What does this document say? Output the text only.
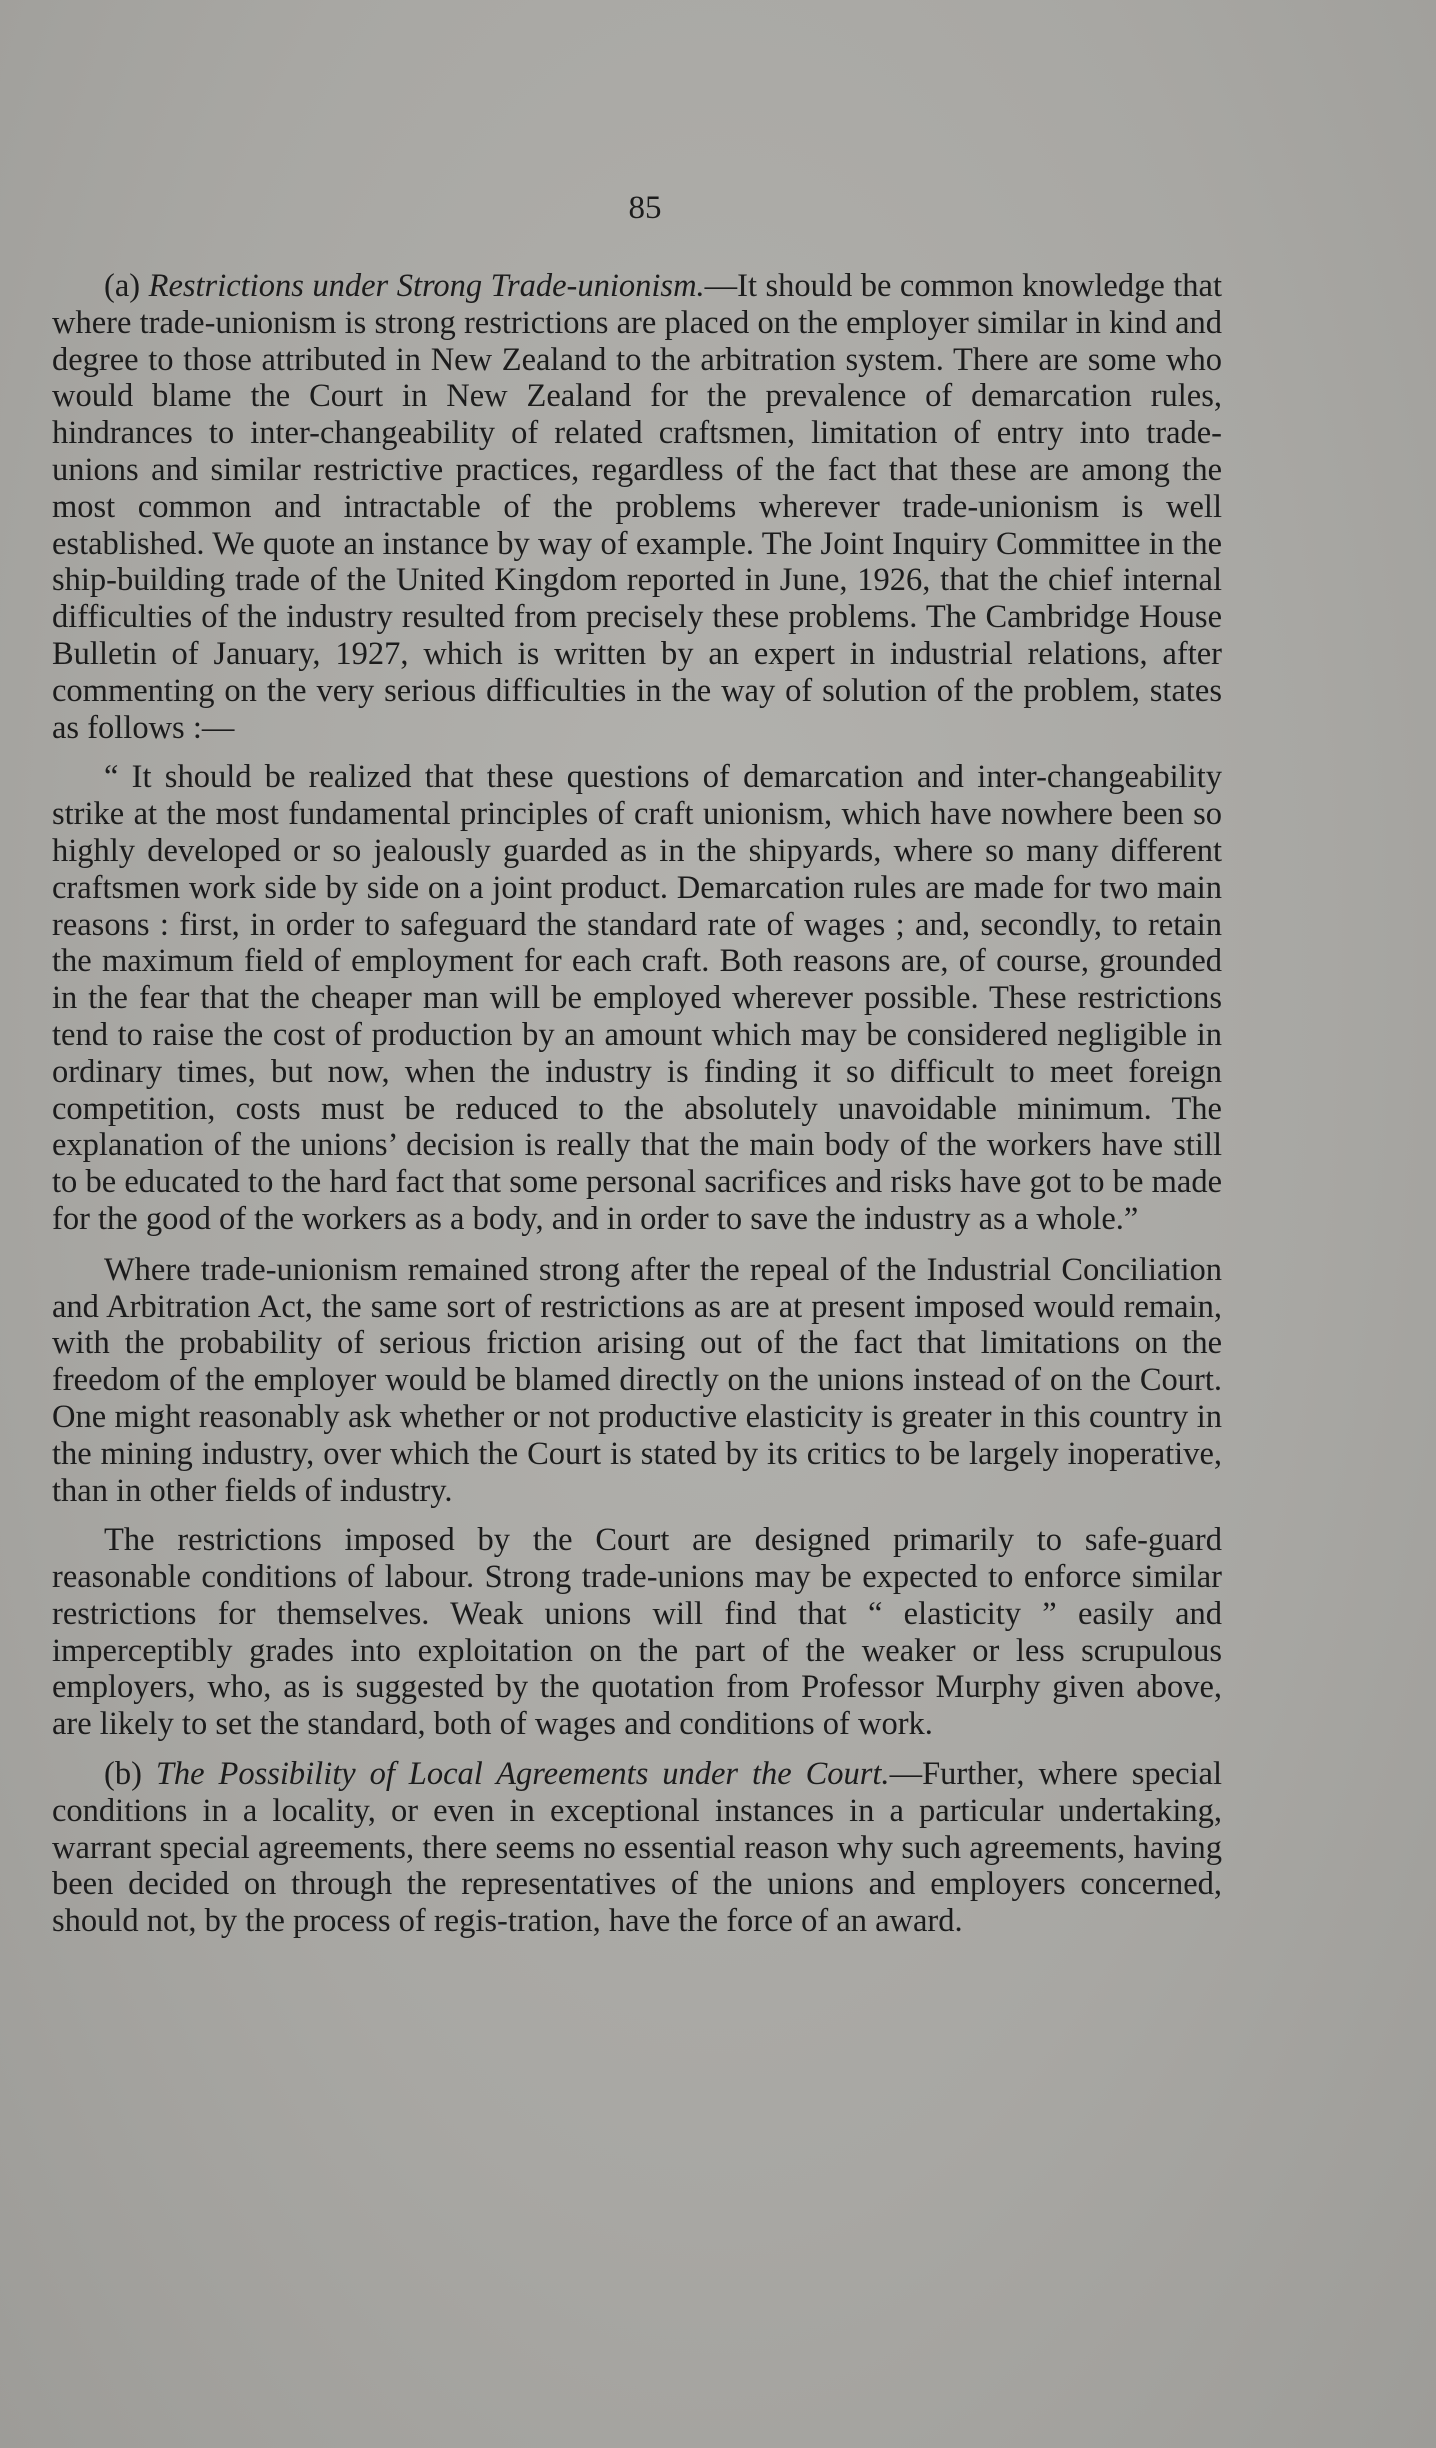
85

(a) Restrictions under Strong Trade-unionism.—It should be common knowledge that where trade-unionism is strong restrictions are placed on the employer similar in kind and degree to those attributed in New Zealand to the arbitration system. There are some who would blame the Court in New Zealand for the prevalence of demarcation rules, hindrances to inter-changeability of related craftsmen, limitation of entry into trade-unions and similar restrictive practices, regardless of the fact that these are among the most common and intractable of the problems wherever trade-unionism is well established. We quote an instance by way of example. The Joint Inquiry Committee in the ship-building trade of the United Kingdom reported in June, 1926, that the chief internal difficulties of the industry resulted from precisely these problems. The Cambridge House Bulletin of January, 1927, which is written by an expert in industrial relations, after commenting on the very serious difficulties in the way of solution of the problem, states as follows :—

“ It should be realized that these questions of demarcation and inter-changeability strike at the most fundamental principles of craft unionism, which have nowhere been so highly developed or so jealously guarded as in the shipyards, where so many different craftsmen work side by side on a joint product. Demarcation rules are made for two main reasons : first, in order to safeguard the standard rate of wages ; and, secondly, to retain the maximum field of employment for each craft. Both reasons are, of course, grounded in the fear that the cheaper man will be employed wherever possible. These restrictions tend to raise the cost of production by an amount which may be considered negligible in ordinary times, but now, when the industry is finding it so difficult to meet foreign competition, costs must be reduced to the absolutely unavoidable minimum. The explanation of the unions’ decision is really that the main body of the workers have still to be educated to the hard fact that some personal sacrifices and risks have got to be made for the good of the workers as a body, and in order to save the industry as a whole.”

Where trade-unionism remained strong after the repeal of the Industrial Conciliation and Arbitration Act, the same sort of restrictions as are at present imposed would remain, with the probability of serious friction arising out of the fact that limitations on the freedom of the employer would be blamed directly on the unions instead of on the Court. One might reasonably ask whether or not productive elasticity is greater in this country in the mining industry, over which the Court is stated by its critics to be largely inoperative, than in other fields of industry.

The restrictions imposed by the Court are designed primarily to safe-guard reasonable conditions of labour. Strong trade-unions may be expected to enforce similar restrictions for themselves. Weak unions will find that “ elasticity ” easily and imperceptibly grades into exploitation on the part of the weaker or less scrupulous employers, who, as is suggested by the quotation from Professor Murphy given above, are likely to set the standard, both of wages and conditions of work.

(b) The Possibility of Local Agreements under the Court.—Further, where special conditions in a locality, or even in exceptional instances in a particular undertaking, warrant special agreements, there seems no essential reason why such agreements, having been decided on through the representatives of the unions and employers concerned, should not, by the process of regis-tration, have the force of an award.
